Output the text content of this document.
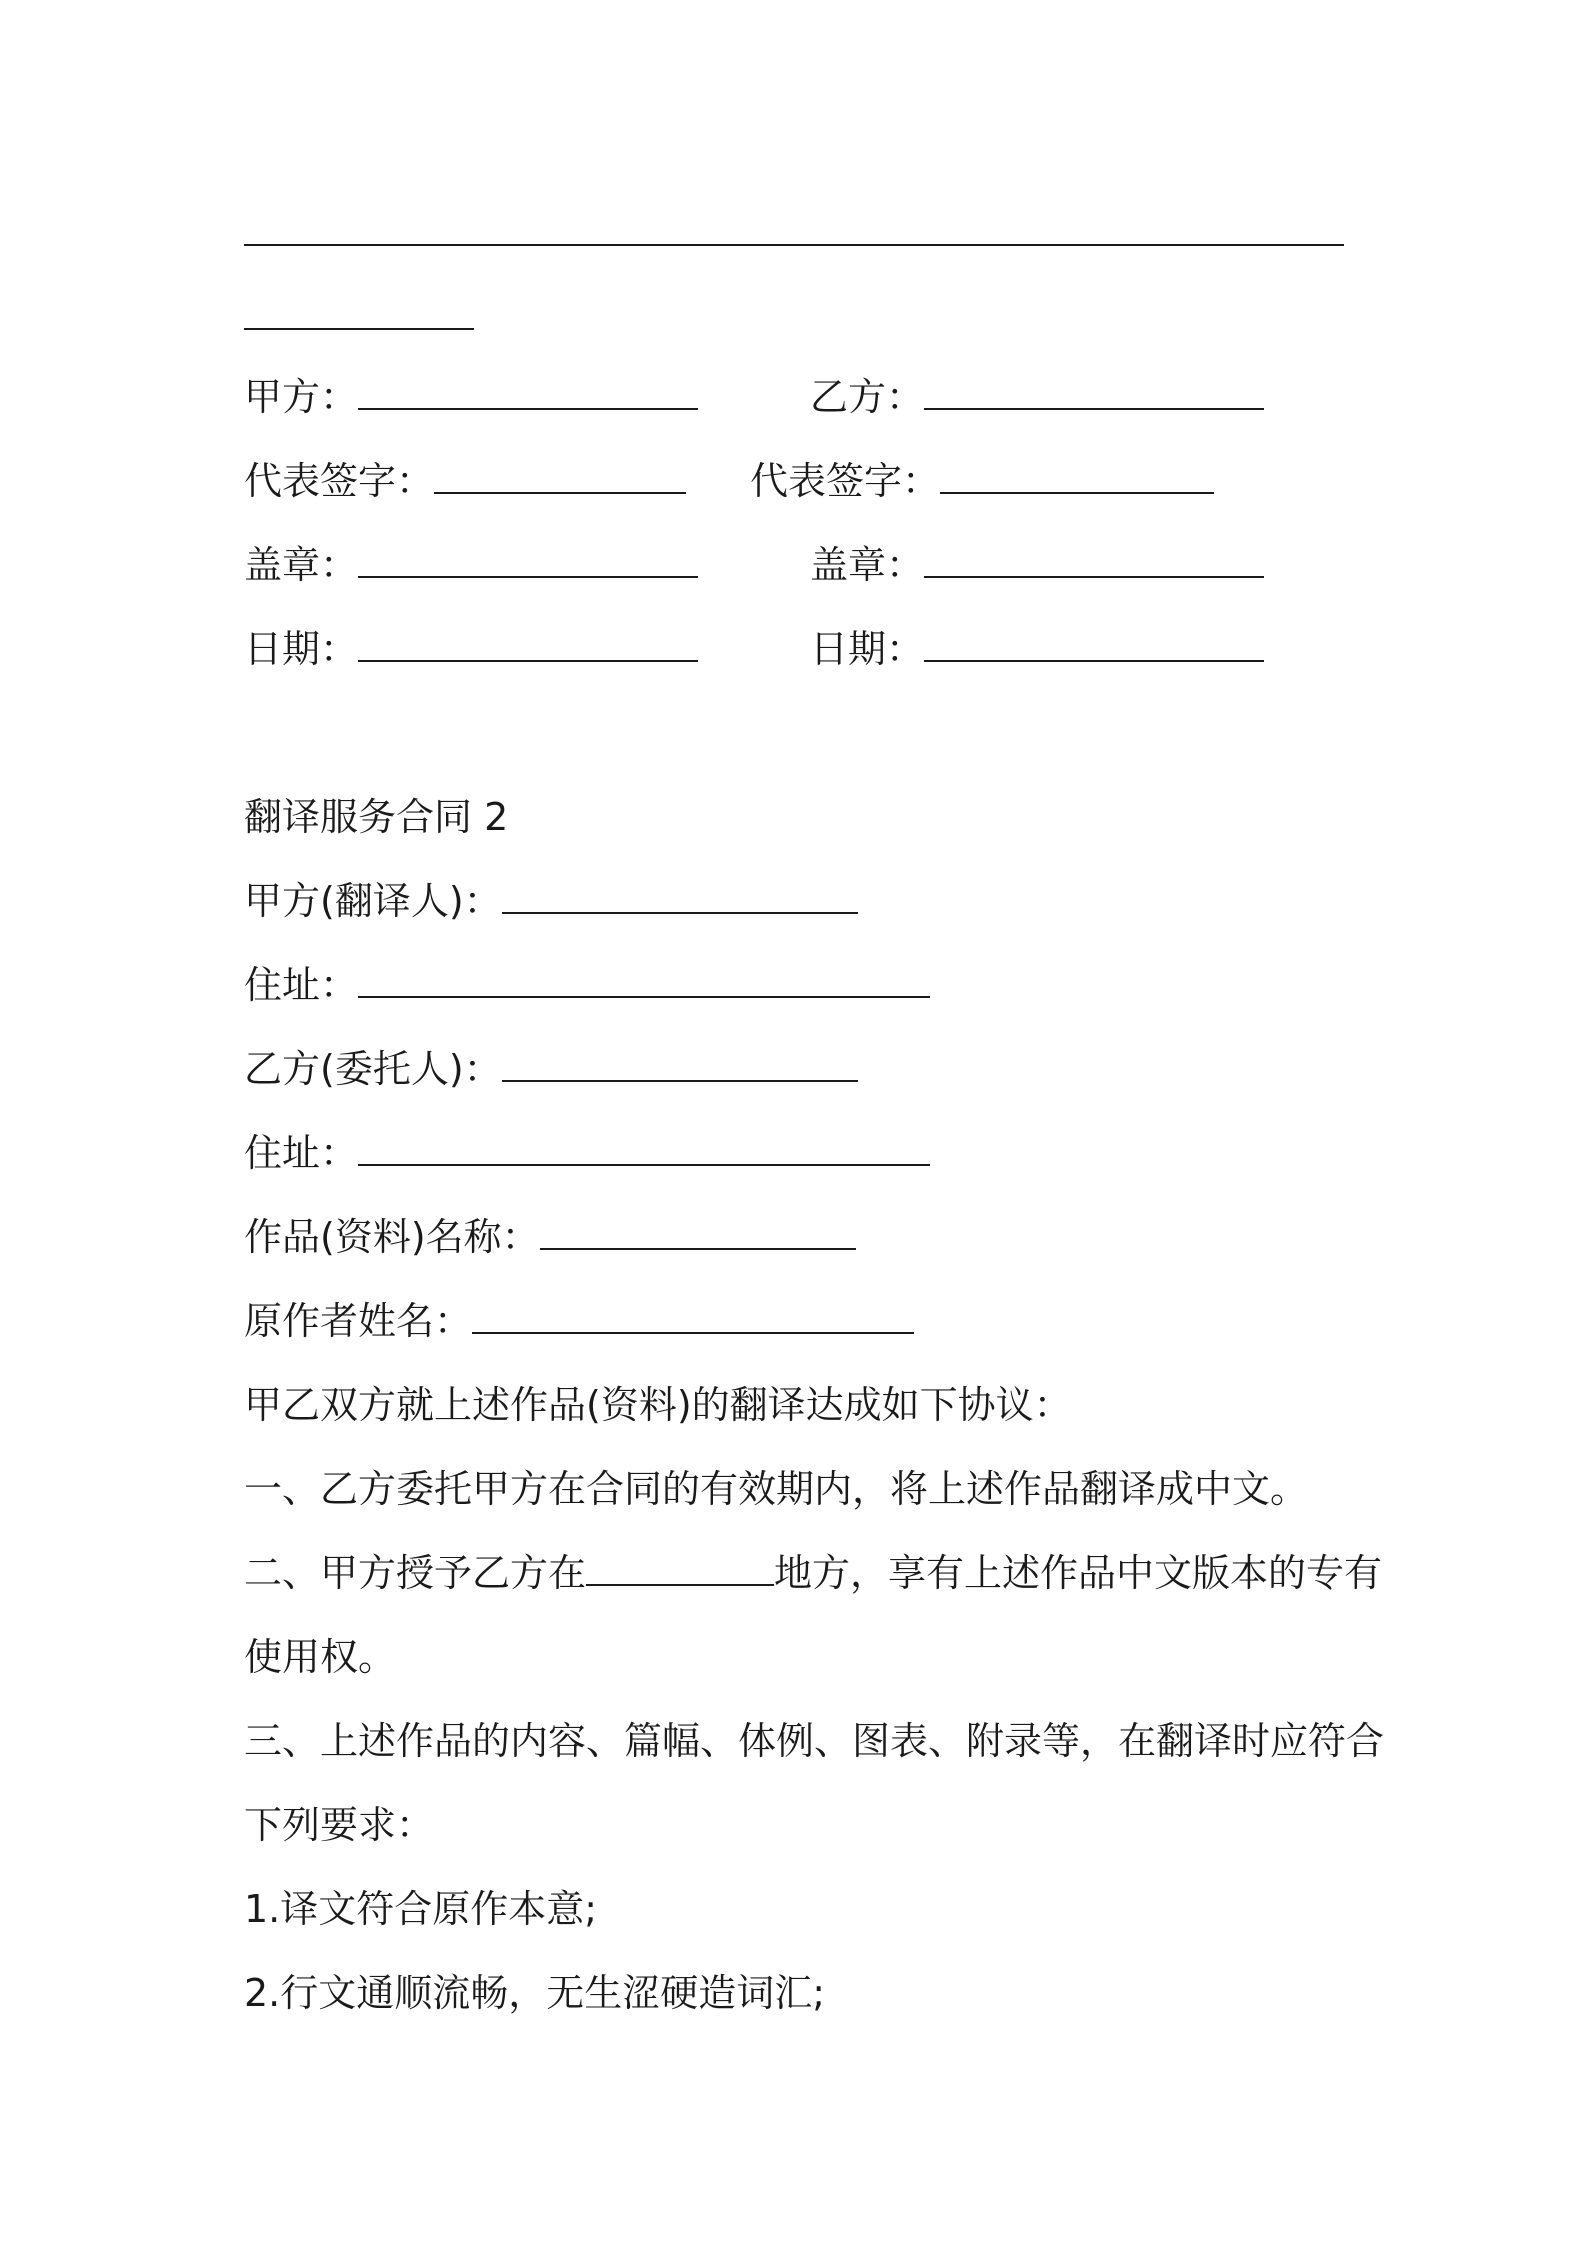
甲方：	乙方：
代表签字：	代表签字：
盖章：	盖章：
日期：	日期：
翻译服务合同 2
甲方(翻译人)：
住址：
乙方(委托人)：
住址：
作品(资料)名称：
原作者姓名：
甲乙双方就上述作品(资料)的翻译达成如下协议：
一、乙方委托甲方在合同的有效期内，将上述作品翻译成中文。
二、甲方授予乙方在	地方，享有上述作品中文版本的专有
使用权。
三、上述作品的内容、篇幅、体例、图表、附录等，在翻译时应符合
下列要求：
1.译文符合原作本意;
2.行文通顺流畅，无生涩硬造词汇;
